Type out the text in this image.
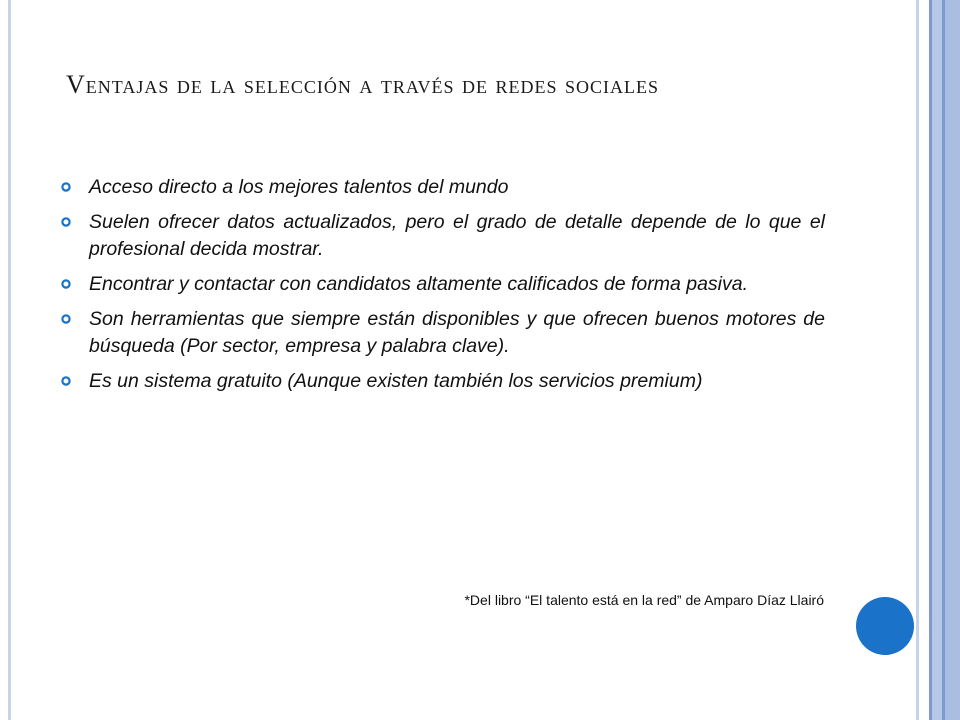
Ventajas de la selección a través de redes sociales
Acceso directo a los mejores talentos del mundo
Suelen ofrecer datos actualizados, pero el grado de detalle depende de lo que el profesional decida mostrar.
Encontrar y contactar con candidatos altamente calificados de forma pasiva.
Son herramientas que siempre están disponibles y que ofrecen buenos motores de búsqueda (Por sector, empresa y palabra clave).
Es un sistema gratuito (Aunque existen también los servicios premium)
*Del libro “El talento está en la red” de Amparo Díaz Llairó
